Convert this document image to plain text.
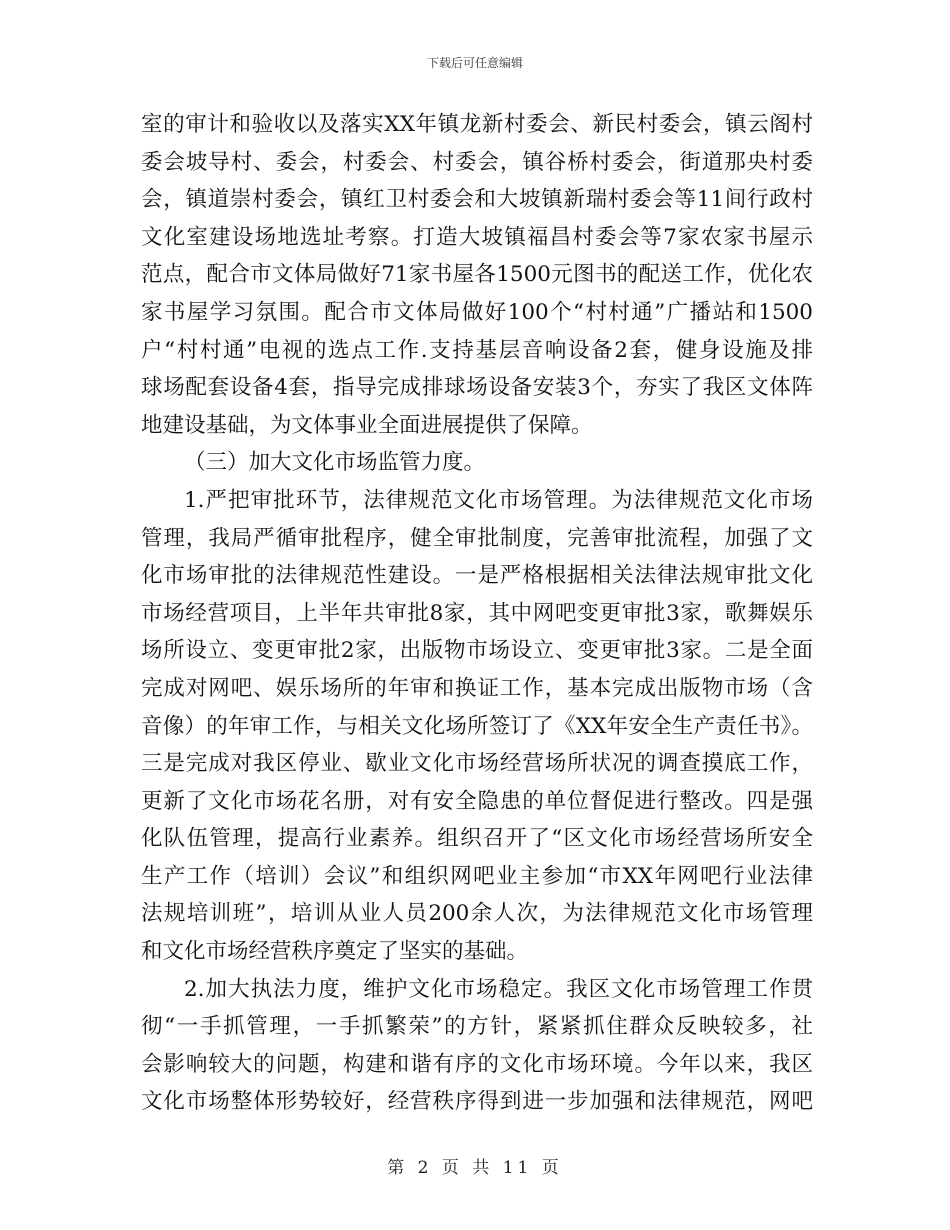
下载后可任意编辑
室的审计和验收以及落实XX年镇龙新村委会、新民村委会，镇云阁村
委会坡导村、委会，村委会、村委会，镇谷桥村委会，街道那央村委
会，镇道崇村委会，镇红卫村委会和大坡镇新瑞村委会等11间行政村
文化室建设场地选址考察。打造大坡镇福昌村委会等7家农家书屋示
范点，配合市文体局做好71家书屋各1500元图书的配送工作，优化农
家书屋学习氛围。配合市文体局做好100个“村村通”广播站和1500
户“村村通”电视的选点工作.支持基层音响设备2套，健身设施及排
球场配套设备4套，指导完成排球场设备安装3个，夯实了我区文体阵
地建设基础，为文体事业全面进展提供了保障。
（三）加大文化市场监管力度。
1.严把审批环节，法律规范文化市场管理。为法律规范文化市场
管理，我局严循审批程序，健全审批制度，完善审批流程，加强了文
化市场审批的法律规范性建设。一是严格根据相关法律法规审批文化
市场经营项目，上半年共审批8家，其中网吧变更审批3家，歌舞娱乐
场所设立、变更审批2家，出版物市场设立、变更审批3家。二是全面
完成对网吧、娱乐场所的年审和换证工作，基本完成出版物市场（含
音像）的年审工作，与相关文化场所签订了《XX年安全生产责任书》。
三是完成对我区停业、歇业文化市场经营场所状况的调查摸底工作，
更新了文化市场花名册，对有安全隐患的单位督促进行整改。四是强
化队伍管理，提高行业素养。组织召开了“区文化市场经营场所安全
生产工作（培训）会议”和组织网吧业主参加“市XX年网吧行业法律
法规培训班”，培训从业人员200余人次，为法律规范文化市场管理
和文化市场经营秩序奠定了坚实的基础。
2.加大执法力度，维护文化市场稳定。我区文化市场管理工作贯
彻“一手抓管理，一手抓繁荣”的方针，紧紧抓住群众反映较多，社
会影响较大的问题，构建和谐有序的文化市场环境。今年以来，我区
文化市场整体形势较好，经营秩序得到进一步加强和法律规范，网吧
第 2 页 共 11 页
